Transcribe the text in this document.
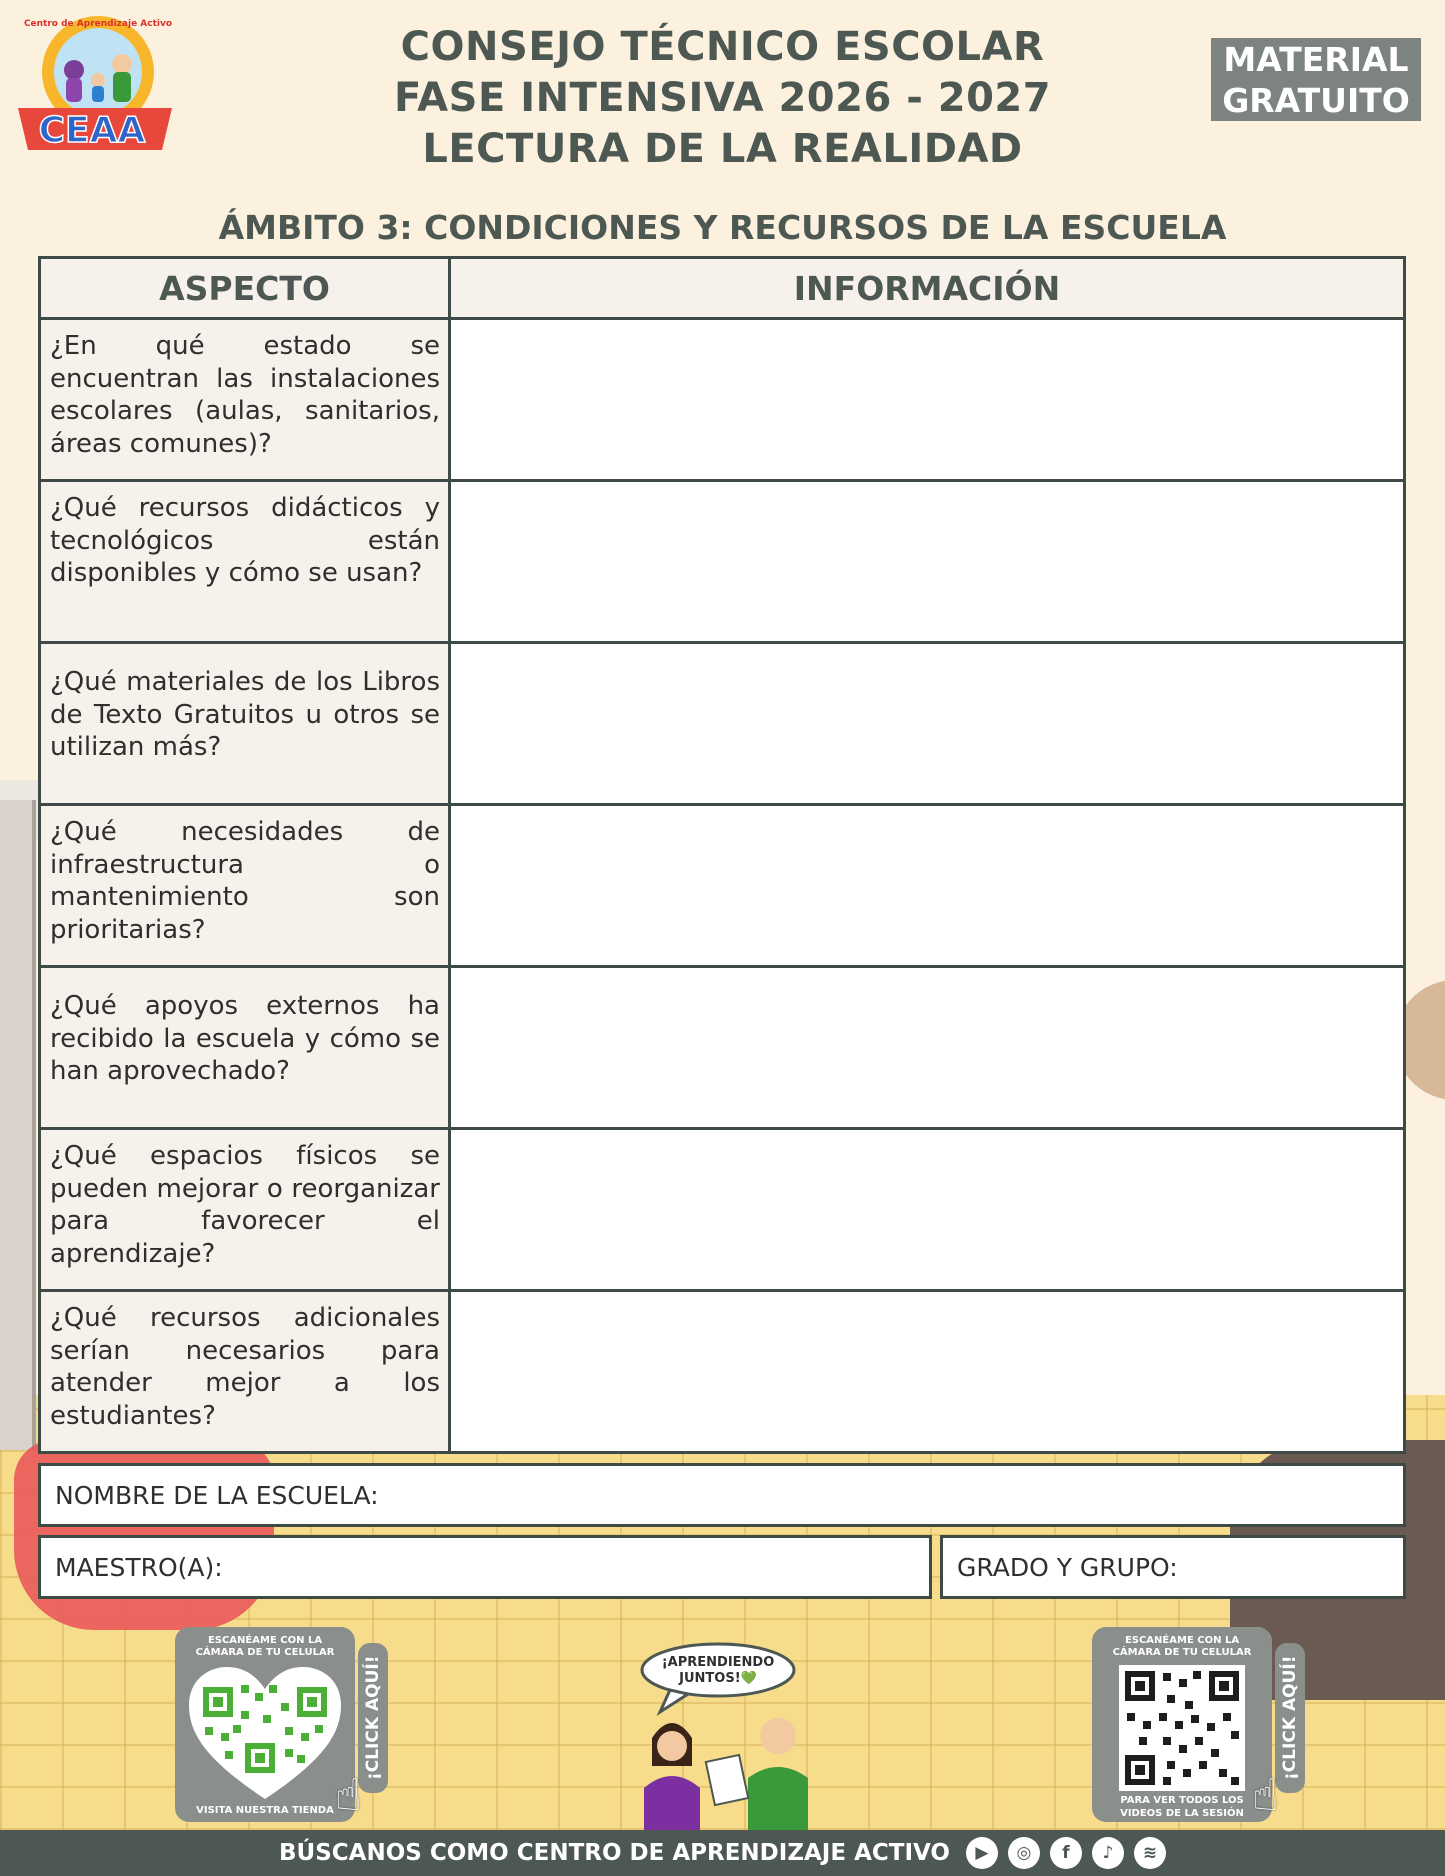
CEAA
Centro de Aprendizaje Activo	CONSEJO TÉCNICO ESCOLAR
FASE INTENSIVA 2026 - 2027
LECTURA DE LA REALIDAD
MATERIAL
GRATUITO
ÁMBITO 3: CONDICIONES Y RECURSOS DE LA ESCUELA
ASPECTO	INFORMACIÓN
¿En qué estado se encuentran las instalaciones escolares (aulas, sanitarios, áreas comunes)?
¿Qué recursos didácticos y tecnológicos están disponibles y cómo se usan?
¿Qué materiales de los Libros de Texto Gratuitos u otros se utilizan más?
¿Qué necesidades de infraestructura o mantenimiento son prioritarias?
¿Qué apoyos externos ha recibido la escuela y cómo se han aprovechado?
¿Qué espacios físicos se pueden mejorar o reorganizar para favorecer el aprendizaje?
¿Qué recursos adicionales serían necesarios para atender mejor a los estudiantes?
NOMBRE DE LA ESCUELA:
MAESTRO(A):	GRADO Y GRUPO:
ESCANÉAME CON LA
CÁMARA DE TU CELULAR
VISITA NUESTRA TIENDA
¡CLICK AQUÍ!
☝
¡APRENDIENDO
JUNTOS!💚
ESCANÉAME CON LA
CÁMARA DE TU CELULAR
PARA VER TODOS LOS
VIDEOS DE LA SESIÓN
¡CLICK AQUÍ!
☝
BÚSCANOS COMO CENTRO DE APRENDIZAJE ACTIVO	▶	◎	f	♪	≋
